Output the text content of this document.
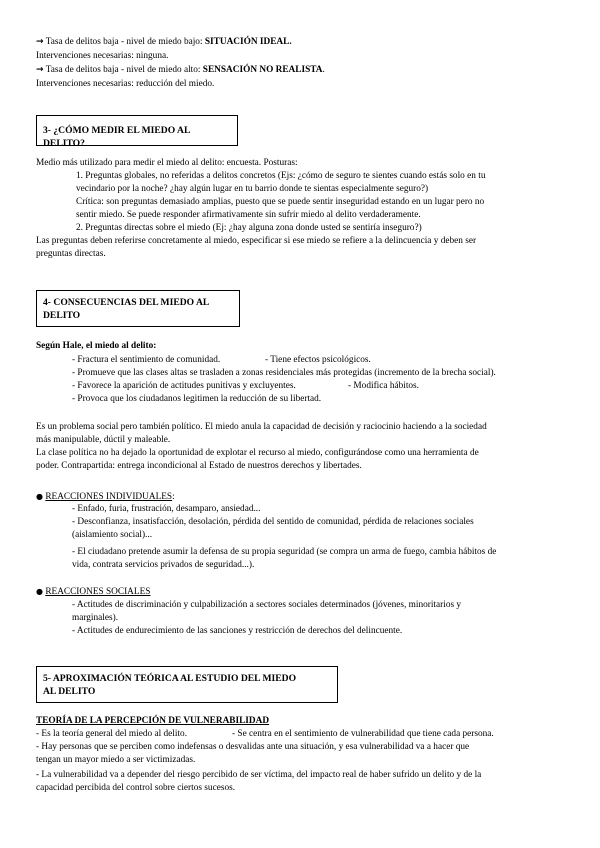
→ Tasa de delitos baja - nivel de miedo bajo: SITUACIÓN IDEAL.
Intervenciones necesarias: ninguna.
→ Tasa de delitos baja - nivel de miedo alto: SENSACIÓN NO REALISTA.
Intervenciones necesarias: reducción del miedo.
3- ¿CÓMO MEDIR EL MIEDO AL DELITO?
Medio más utilizado para medir el miedo al delito: encuesta. Posturas:
1. Preguntas globales, no referidas a delitos concretos (Ejs: ¿cómo de seguro te sientes cuando estás solo en tu
vecindario por la noche? ¿hay algún lugar en tu barrio donde te sientas especialmente seguro?)
Crítica: son preguntas demasiado amplias, puesto que se puede sentir inseguridad estando en un lugar pero no
sentir miedo. Se puede responder afirmativamente sin sufrir miedo al delito verdaderamente.
2. Preguntas directas sobre el miedo (Ej: ¿hay alguna zona donde usted se sentiría inseguro?)
Las preguntas deben referirse concretamente al miedo, especificar si ese miedo se refiere a la delincuencia y deben ser
preguntas directas.
4- CONSECUENCIAS DEL MIEDO AL
DELITO
Según Hale, el miedo al delito:
- Fractura el sentimiento de comunidad.	- Tiene efectos psicológicos.
- Promueve que las clases altas se trasladen a zonas residenciales más protegidas (incremento de la brecha social).
- Favorece la aparición de actitudes punitivas y excluyentes.	- Modifica hábitos.
- Provoca que los ciudadanos legitimen la reducción de su libertad.
Es un problema social pero también político. El miedo anula la capacidad de decisión y raciocinio haciendo a la sociedad
más manipulable, dúctil y maleable.
La clase política no ha dejado la oportunidad de explotar el recurso al miedo, configurándose como una herramienta de
poder. Contrapartida: entrega incondicional al Estado de nuestros derechos y libertades.
● REACCIONES INDIVIDUALES:
- Enfado, furia, frustración, desamparo, ansiedad...
- Desconfianza, insatisfacción, desolación, pérdida del sentido de comunidad, pérdida de relaciones sociales
(aislamiento social)...
- El ciudadano pretende asumir la defensa de su propia seguridad (se compra un arma de fuego, cambia hábitos de
vida, contrata servicios privados de seguridad...).
● REACCIONES SOCIALES
- Actitudes de discriminación y culpabilización a sectores sociales determinados (jóvenes, minoritarios y
marginales).
- Actitudes de endurecimiento de las sanciones y restricción de derechos del delincuente.
5- APROXIMACIÓN TEÓRICA AL ESTUDIO DEL MIEDO
AL DELITO
TEORÍA DE LA PERCEPCIÓN DE VULNERABILIDAD
- Es la teoría general del miedo al delito.	- Se centra en el sentimiento de vulnerabilidad que tiene cada persona.
- Hay personas que se perciben como indefensas o desvalidas ante una situación, y esa vulnerabilidad va a hacer que
tengan un mayor miedo a ser victimizadas.
- La vulnerabilidad va a depender del riesgo percibido de ser víctima, del impacto real de haber sufrido un delito y de la
capacidad percibida del control sobre ciertos sucesos.
